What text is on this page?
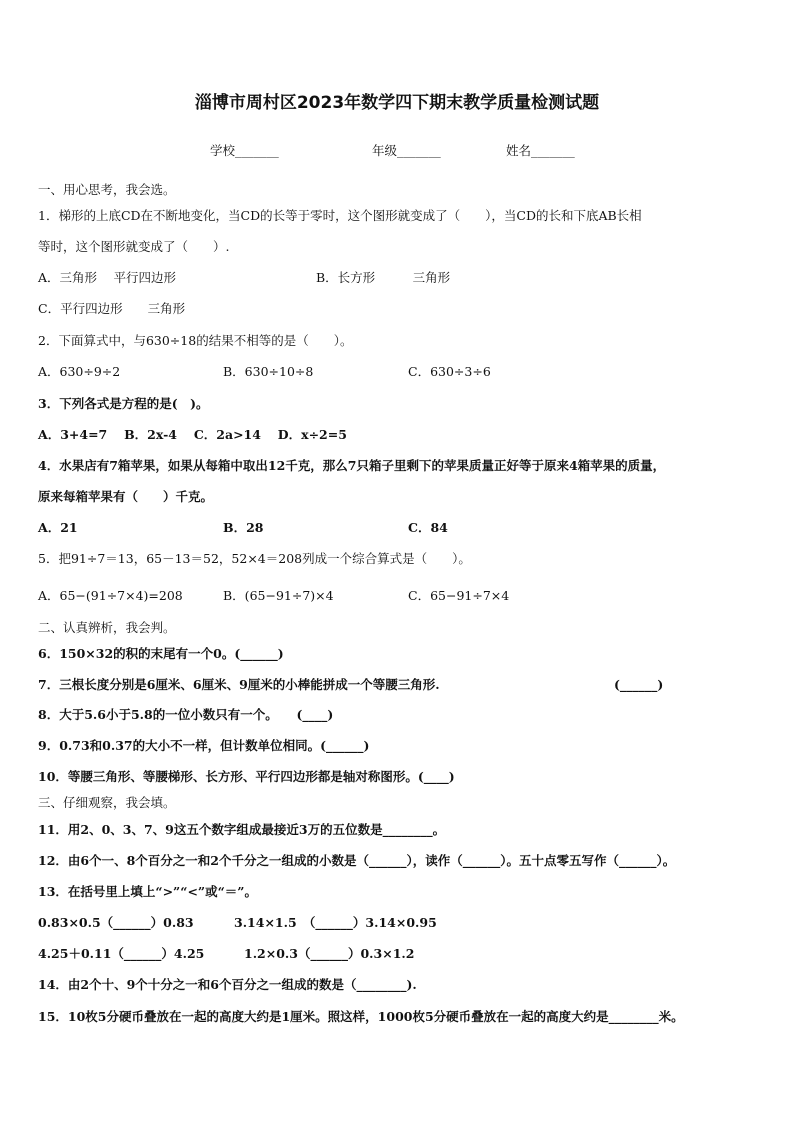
淄博市周村区2023年数学四下期末教学质量检测试题
学校_______	年级_______	姓名_______
一、用心思考，我会选。
1．梯形的上底CD在不断地变化，当CD的长等于零时，这个图形就变成了（　　），当CD的长和下底AB长相
等时，这个图形就变成了（　　）.
A．三角形　 平行四边形	B．长方形　　　三角形
C．平行四边形　　三角形
2．下面算式中，与630÷18的结果不相等的是（　　）。
A．630÷9÷2	B．630÷10÷8	C．630÷3÷6
3．下列各式是方程的是(　)。
A．3+4=7　 B．2x-4　 C．2a>14　 D．x÷2=5
4．水果店有7箱苹果，如果从每箱中取出12千克，那么7只箱子里剩下的苹果质量正好等于原来4箱苹果的质量，
原来每箱苹果有（　　）千克。
A．21	B．28	C．84
5．把91÷7＝13，65－13＝52，52×4＝208列成一个综合算式是（　　）。
A．65−(91÷7×4)=208	B．(65−91÷7)×4	C．65−91÷7×4
二、认真辨析，我会判。
6．150×32的积的末尾有一个0。(______)
7．三根长度分别是6厘米、6厘米、9厘米的小棒能拼成一个等腰三角形.	(______)
8．大于5.6小于5.8的一位小数只有一个。　　(____)
9．0.73和0.37的大小不一样，但计数单位相同。(______)
10．等腰三角形、等腰梯形、长方形、平行四边形都是轴对称图形。(____)
三、仔细观察，我会填。
11．用2、0、3、7、9这五个数字组成最接近3万的五位数是________。
12．由6个一、8个百分之一和2个千分之一组成的小数是（______），读作（______）。五十点零五写作（______）。
13．在括号里上填上“>”“<”或“＝”。
0.83×0.5（______）0.83	3.14×1.5　（______）3.14×0.95
4.25＋0.11（______）4.25	1.2×0.3（______）0.3×1.2
14．由2个十、9个十分之一和6个百分之一组成的数是（________).
15．10枚5分硬币叠放在一起的高度大约是1厘米。照这样，1000枚5分硬币叠放在一起的高度大约是________米。
